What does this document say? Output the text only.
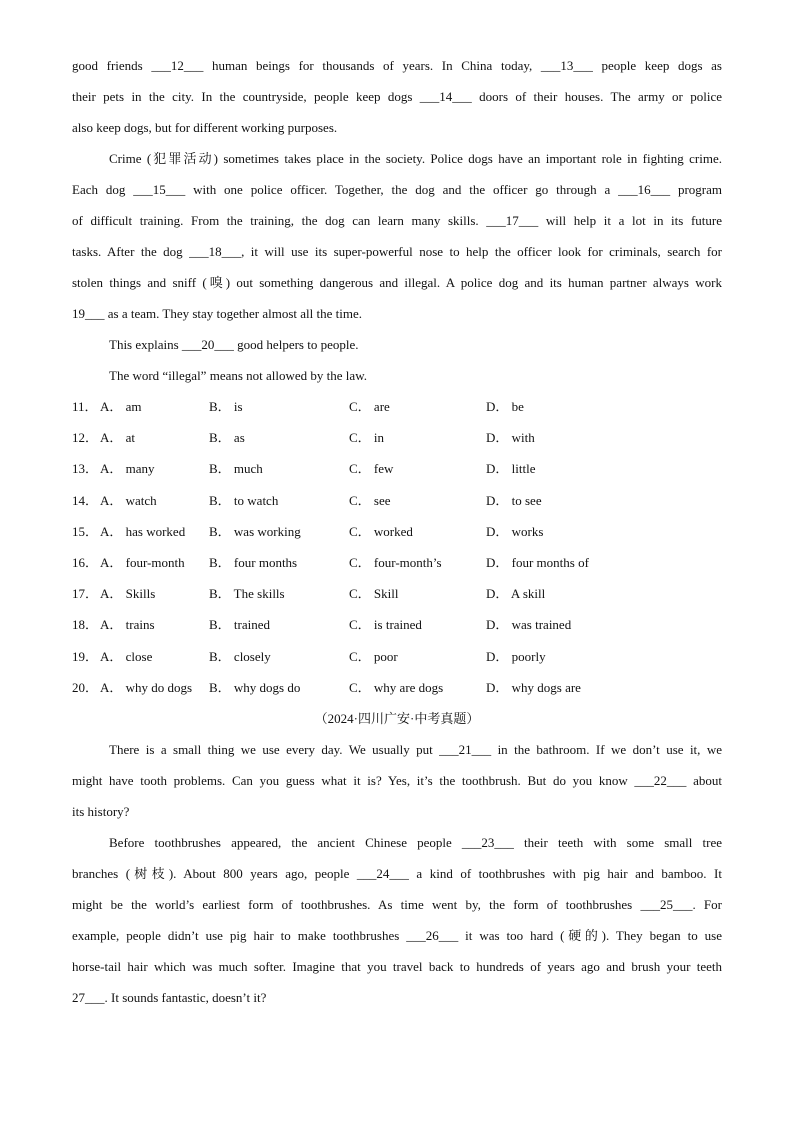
good friends ___12___ human beings for thousands of years. In China today, ___13___ people keep dogs as
their pets in the city. In the countryside, people keep dogs ___14___ doors of their houses. The army or police
also keep dogs, but for different working purposes.
Crime (犯罪活动) sometimes takes place in the society. Police dogs have an important role in fighting crime.
Each dog ___15___ with one police officer. Together, the dog and the officer go through a ___16___ program
of difficult training. From the training, the dog can learn many skills. ___17___ will help it a lot in its future
tasks. After the dog ___18___, it will use its super-powerful nose to help the officer look for criminals, search for
stolen things and sniff (嗅) out something dangerous and illegal. A police dog and its human partner always work
19___ as a team. They stay together almost all the time.
This explains ___20___ good helpers to people.
The word “illegal” means not allowed by the law.
11． A． am	B． is	C． are	D． be
12． A． at	B． as	C． in	D． with
13． A． many	B． much	C． few	D． little
14． A． watch	B． to watch	C． see	D． to see
15． A． has worked B． was working	C． worked	D． works
16． A． four-month B． four months	C． four-month’s	D． four months of
17． A． Skills	B． The skills	C． Skill	D． A skill
18． A． trains	B． trained	C． is trained	D． was trained
19． A． close	B． closely	C． poor	D． poorly
20． A． why do dogs B． why dogs do	C． why are dogs	D． why dogs are
（2024·四川广安·中考真题）
There is a small thing we use every day. We usually put ___21___ in the bathroom. If we don’t use it, we
might have tooth problems. Can you guess what it is? Yes, it’s the toothbrush. But do you know ___22___ about
its history?
Before toothbrushes appeared, the ancient Chinese people ___23___ their teeth with some small tree
branches (树枝). About 800 years ago, people ___24___ a kind of toothbrushes with pig hair and bamboo. It
might be the world’s earliest form of toothbrushes. As time went by, the form of toothbrushes ___25___. For
example, people didn’t use pig hair to make toothbrushes ___26___ it was too hard (硬的). They began to use
horse-tail hair which was much softer. Imagine that you travel back to hundreds of years ago and brush your teeth
27___. It sounds fantastic, doesn’t it?
